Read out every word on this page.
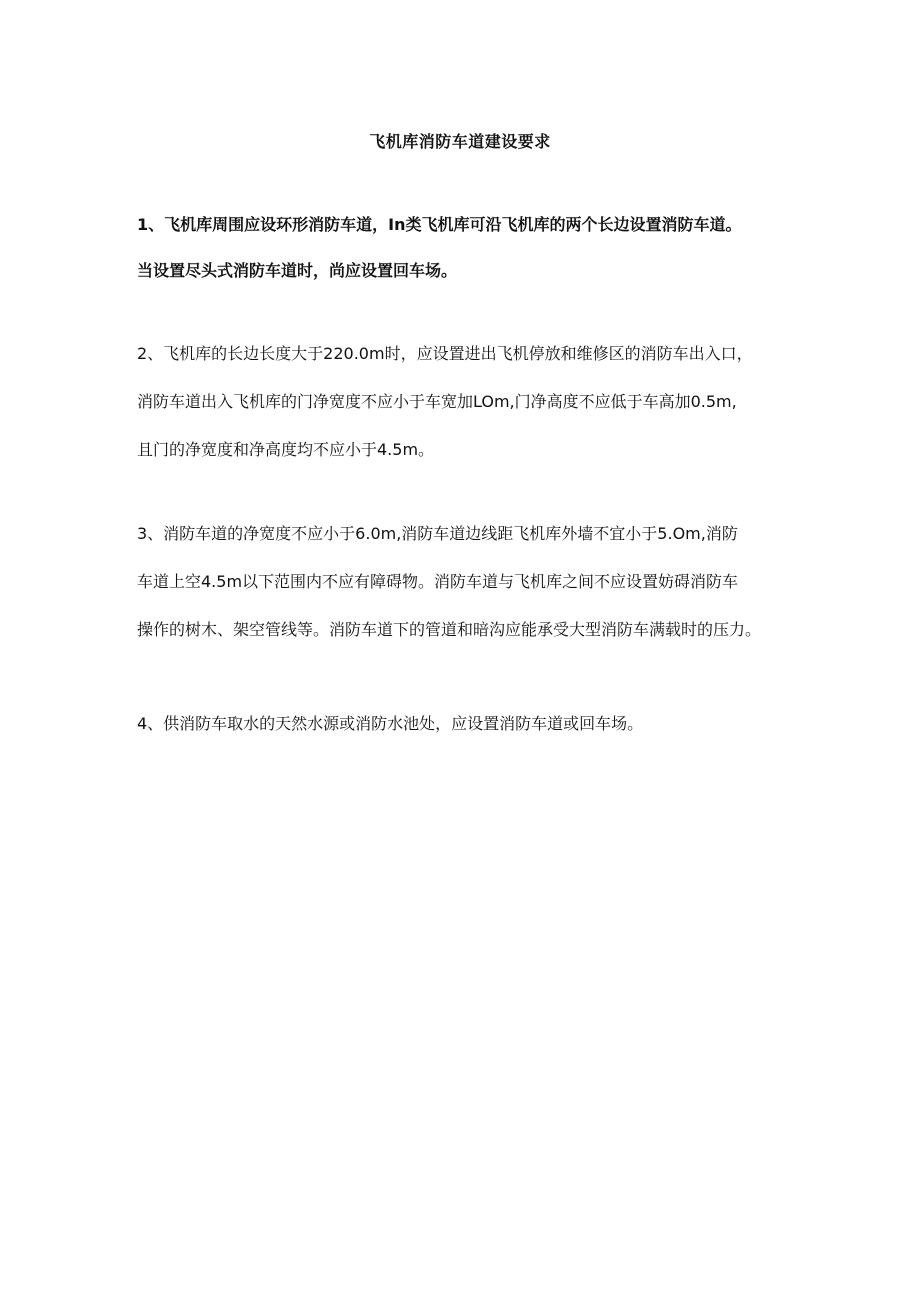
飞机库消防车道建设要求
1、飞机库周围应设环形消防车道，In类飞机库可沿飞机库的两个长边设置消防车道。
当设置尽头式消防车道时，尚应设置回车场。
2、飞机库的长边长度大于220.0m时，应设置进出飞机停放和维修区的消防车出入口，
消防车道出入飞机库的门净宽度不应小于车宽加LOm,门净高度不应低于车高加0.5m,
且门的净宽度和净高度均不应小于4.5m。
3、消防车道的净宽度不应小于6.0m,消防车道边线距飞机库外墙不宜小于5.Om,消防
车道上空4.5m以下范围内不应有障碍物。消防车道与飞机库之间不应设置妨碍消防车
操作的树木、架空管线等。消防车道下的管道和暗沟应能承受大型消防车满载时的压力。
4、供消防车取水的天然水源或消防水池处，应设置消防车道或回车场。
